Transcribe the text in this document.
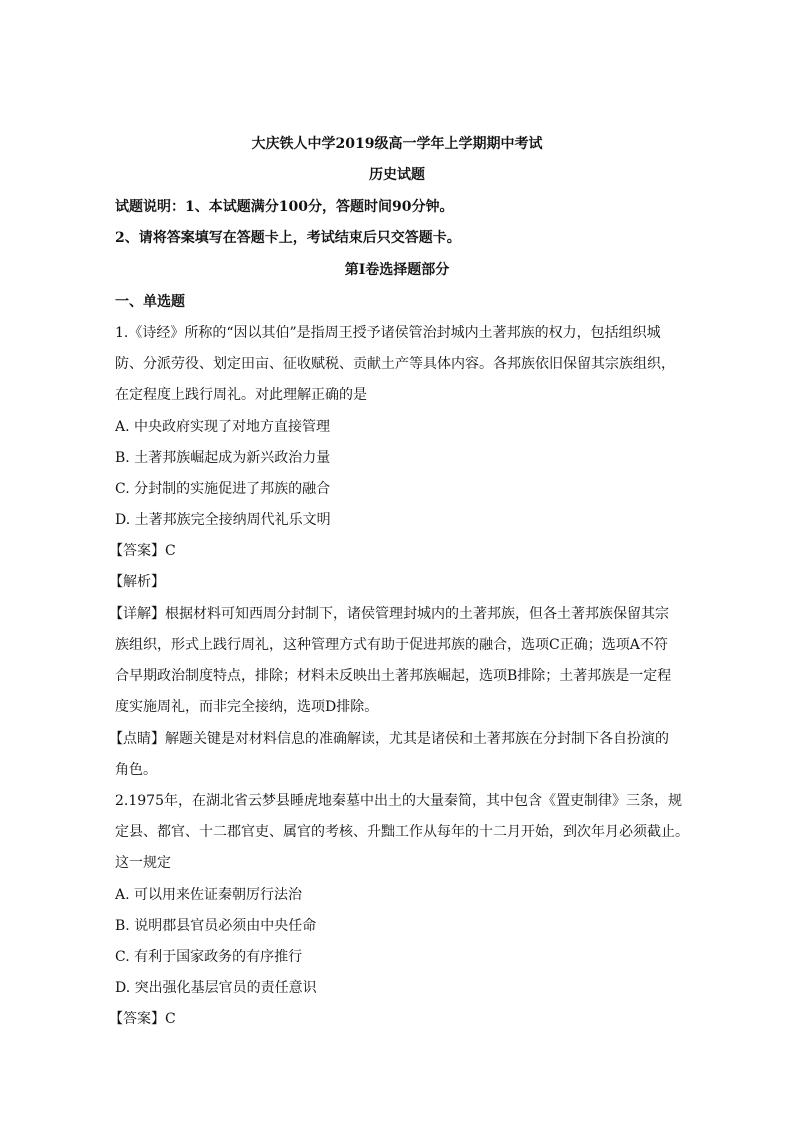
大庆铁人中学2019级高一学年上学期期中考试
历史试题
试题说明：1、本试题满分100分，答题时间90分钟。
2、请将答案填写在答题卡上，考试结束后只交答题卡。
第Ⅰ卷选择题部分
一、单选题
1.《诗经》所称的“因以其伯”是指周王授予诸侯管治封城内土著邦族的权力，包括组织城
防、分派劳役、划定田亩、征收赋税、贡献土产等具体内容。各邦族依旧保留其宗族组织，
在定程度上践行周礼。对此理解正确的是
A. 中央政府实现了对地方直接管理
B. 土著邦族崛起成为新兴政治力量
C. 分封制的实施促进了邦族的融合
D. 土著邦族完全接纳周代礼乐文明
【答案】C
【解析】
【详解】根据材料可知西周分封制下，诸侯管理封城内的土著邦族，但各土著邦族保留其宗
族组织，形式上践行周礼，这种管理方式有助于促进邦族的融合，选项C正确；选项A不符
合早期政治制度特点，排除；材料未反映出土著邦族崛起，选项B排除；土著邦族是一定程
度实施周礼，而非完全接纳，选项D排除。
【点睛】解题关键是对材料信息的准确解读，尤其是诸侯和土著邦族在分封制下各自扮演的
角色。
2.1975年，在湖北省云梦县睡虎地秦墓中出土的大量秦简，其中包含《置吏制律》三条，规
定县、都官、十二郡官吏、属官的考核、升黜工作从每年的十二月开始，到次年月必须截止。
这一规定
A. 可以用来佐证秦朝厉行法治
B. 说明郡县官员必须由中央任命
C. 有利于国家政务的有序推行
D. 突出强化基层官员的责任意识
【答案】C
